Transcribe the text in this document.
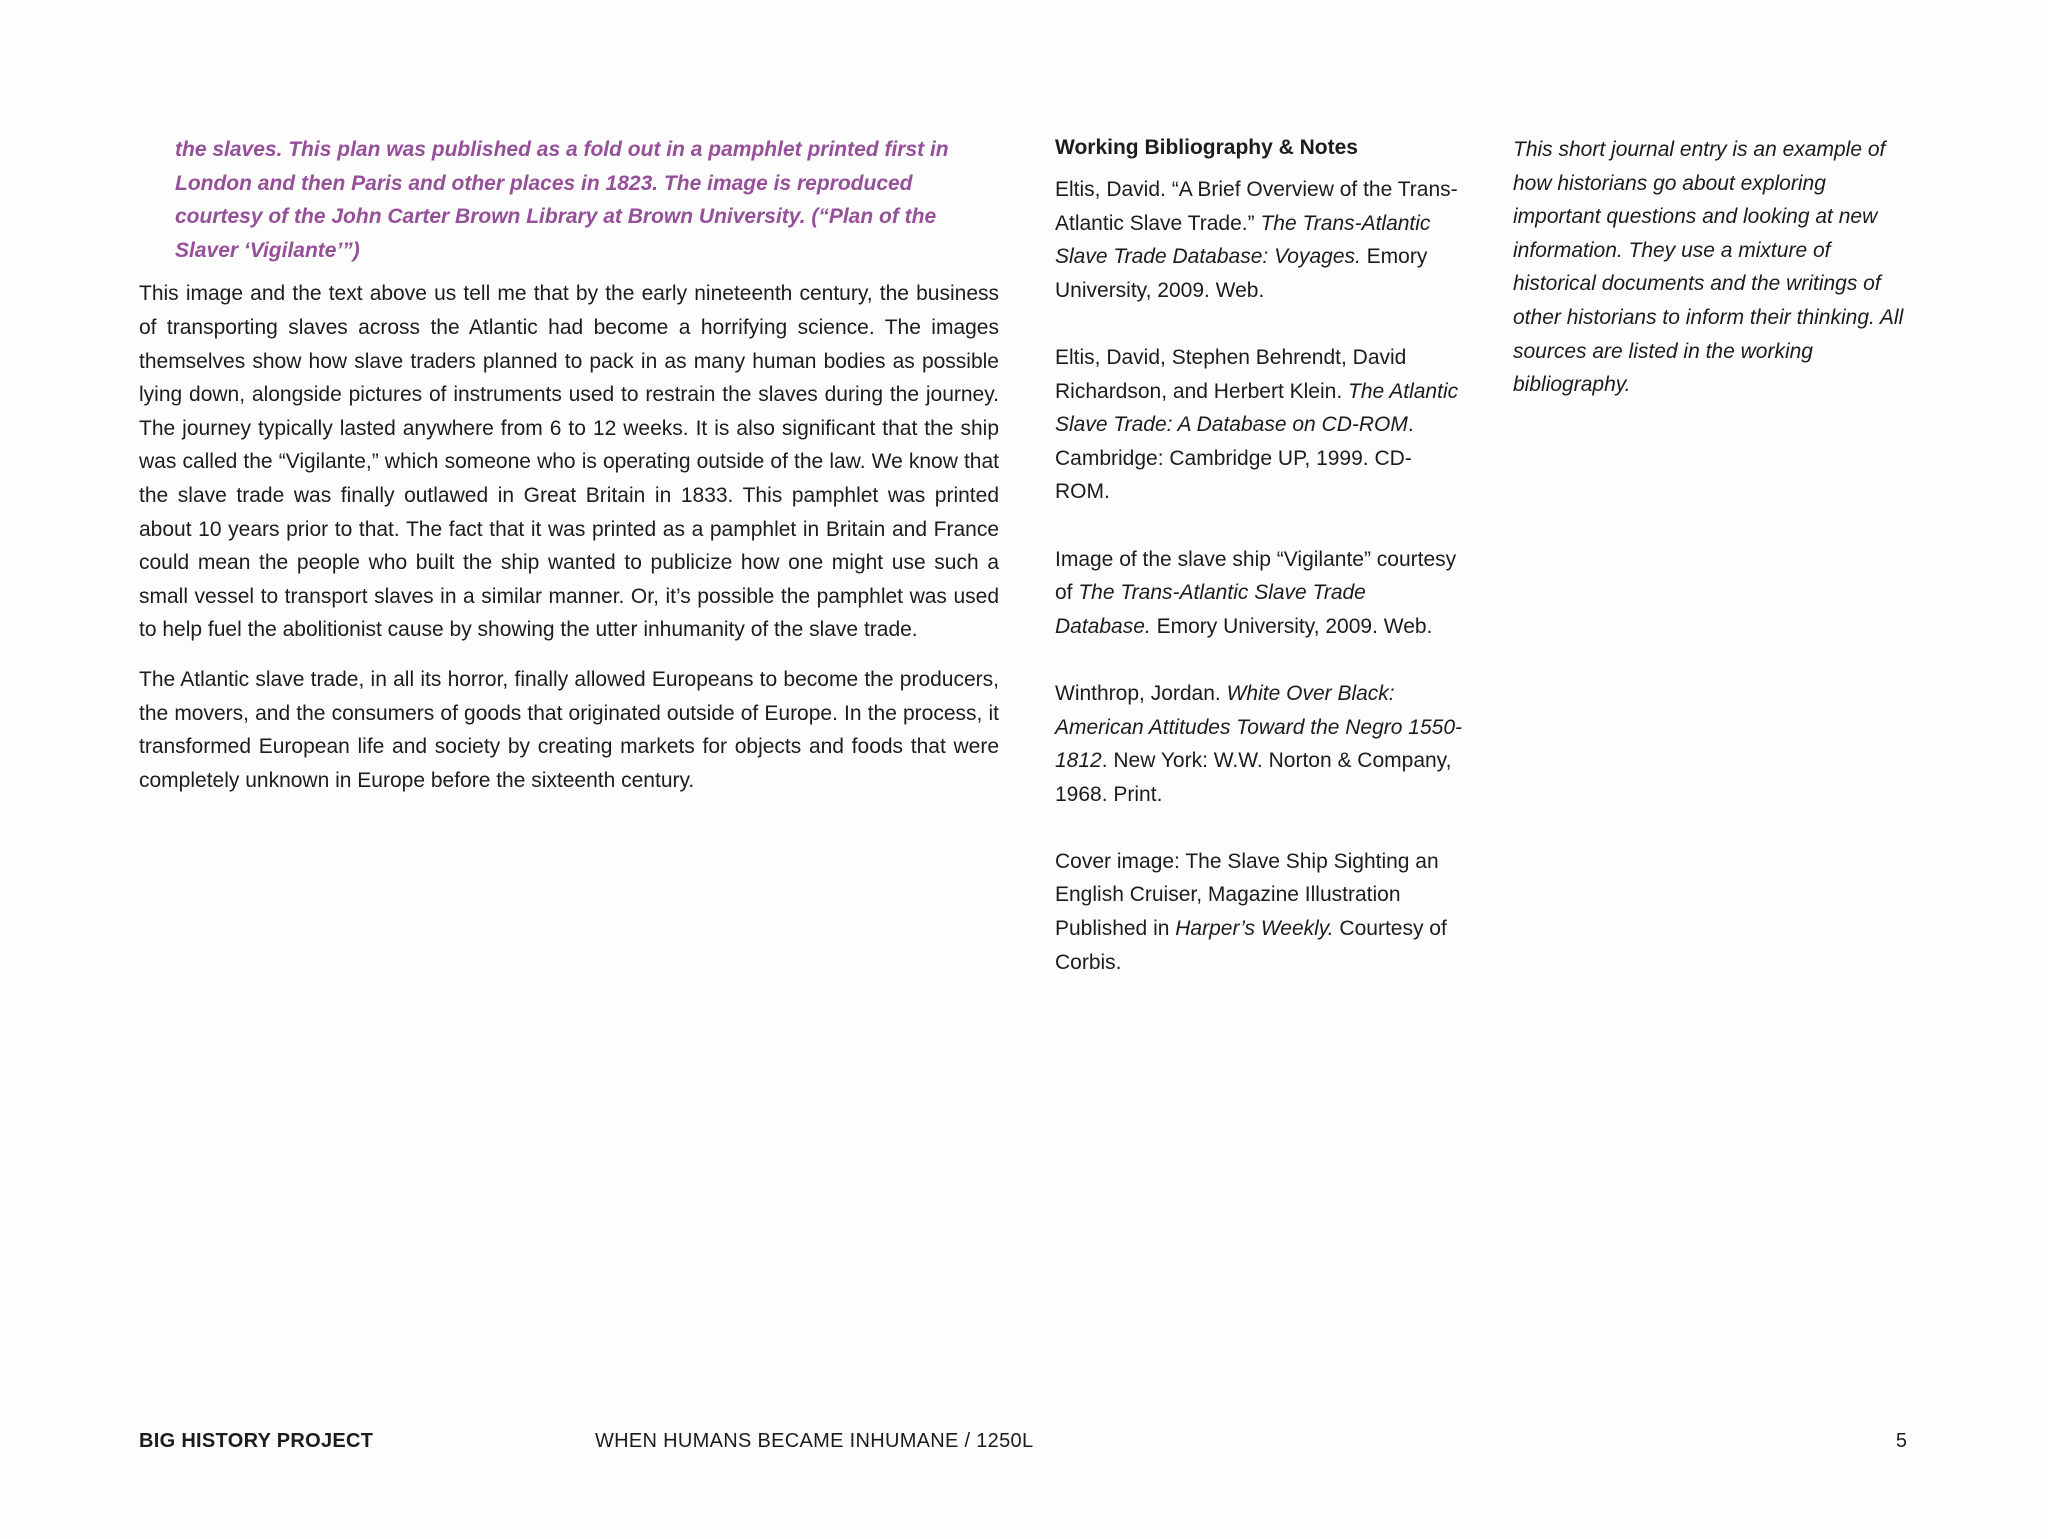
the slaves. This plan was published as a fold out in a pamphlet printed first in London and then Paris and other places in 1823. The image is reproduced courtesy of the John Carter Brown Library at Brown University. (“Plan of the Slaver ‘Vigilante’”)

This image and the text above us tell me that by the early nineteenth century, the business of transporting slaves across the Atlantic had become a horrifying science. The images themselves show how slave traders planned to pack in as many human bodies as possible lying down, alongside pictures of instruments used to restrain the slaves during the journey. The journey typically lasted anywhere from 6 to 12 weeks. It is also significant that the ship was called the “Vigilante,” which someone who is operating outside of the law. We know that the slave trade was finally outlawed in Great Britain in 1833. This pamphlet was printed about 10 years prior to that. The fact that it was printed as a pamphlet in Britain and France could mean the people who built the ship wanted to publicize how one might use such a small vessel to transport slaves in a similar manner. Or, it’s possible the pamphlet was used to help fuel the abolitionist cause by showing the utter inhumanity of the slave trade.

The Atlantic slave trade, in all its horror, finally allowed Europeans to become the producers, the movers, and the consumers of goods that originated outside of Europe. In the process, it transformed European life and society by creating markets for objects and foods that were completely unknown in Europe before the sixteenth century.

Working Bibliography & Notes

Eltis, David. “A Brief Overview of the Trans-Atlantic Slave Trade.” The Trans-Atlantic Slave Trade Database: Voyages. Emory University, 2009. Web.

Eltis, David, Stephen Behrendt, David Richardson, and Herbert Klein. The Atlantic Slave Trade: A Database on CD-ROM. Cambridge: Cambridge UP, 1999. CD-ROM.

Image of the slave ship “Vigilante” courtesy of The Trans-Atlantic Slave Trade Database. Emory University, 2009. Web.

Winthrop, Jordan. White Over Black: American Attitudes Toward the Negro 1550-1812. New York: W.W. Norton & Company, 1968. Print.

Cover image: The Slave Ship Sighting an English Cruiser, Magazine Illustration Published in Harper’s Weekly. Courtesy of Corbis.

This short journal entry is an example of how historians go about exploring important questions and looking at new information. They use a mixture of historical documents and the writings of other historians to inform their thinking. All sources are listed in the working bibliography.

BIG HISTORY PROJECT	WHEN HUMANS BECAME INHUMANE / 1250L	5
